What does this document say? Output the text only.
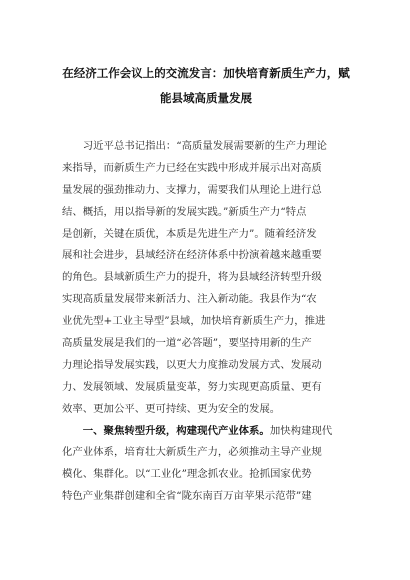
在经济工作会议上的交流发言：加快培育新质生产力，赋
能县域高质量发展
　　习近平总书记指出：“高质量发展需要新的生产力理论
来指导，而新质生产力已经在实践中形成并展示出对高质
量发展的强劲推动力、支撑力，需要我们从理论上进行总
结、概括，用以指导新的发展实践。”新质生产力“特点
是创新，关键在质优，本质是先进生产力”。随着经济发
展和社会进步，县域经济在经济体系中扮演着越来越重要
的角色。县域新质生产力的提升，将为县域经济转型升级
实现高质量发展带来新活力、注入新动能。我县作为“农
业优先型+工业主导型”县域，加快培育新质生产力，推进
高质量发展是我们的一道“必答题”，要坚持用新的生产
力理论指导发展实践，以更大力度推动发展方式、发展动
力、发展领域、发展质量变革，努力实现更高质量、更有
效率、更加公平、更可持续、更为安全的发展。
　　一、聚焦转型升级，构建现代产业体系。加快构建现代
化产业体系，培育壮大新质生产力，必须推动主导产业规
模化、集群化。以“工业化”理念抓农业。抢抓国家优势
特色产业集群创建和全省“陇东南百万亩苹果示范带”建
